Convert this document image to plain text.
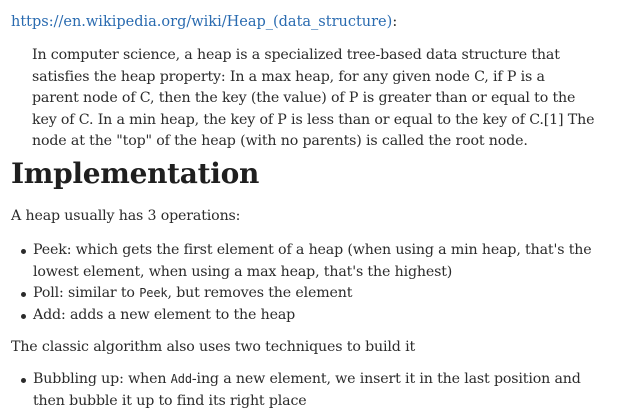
https://en.wikipedia.org/wiki/Heap_(data_structure):
In computer science, a heap is a specialized tree-based data structure that
satisfies the heap property: In a max heap, for any given node C, if P is a
parent node of C, then the key (the value) of P is greater than or equal to the
key of C. In a min heap, the key of P is less than or equal to the key of C.[1] The
node at the "top" of the heap (with no parents) is called the root node.
Implementation
A heap usually has 3 operations:
Peek: which gets the first element of a heap (when using a min heap, that's the
lowest element, when using a max heap, that's the highest)
Poll: similar to Peek, but removes the element
Add: adds a new element to the heap
The classic algorithm also uses two techniques to build it
Bubbling up: when Add-ing a new element, we insert it in the last position and
then bubble it up to find its right place
